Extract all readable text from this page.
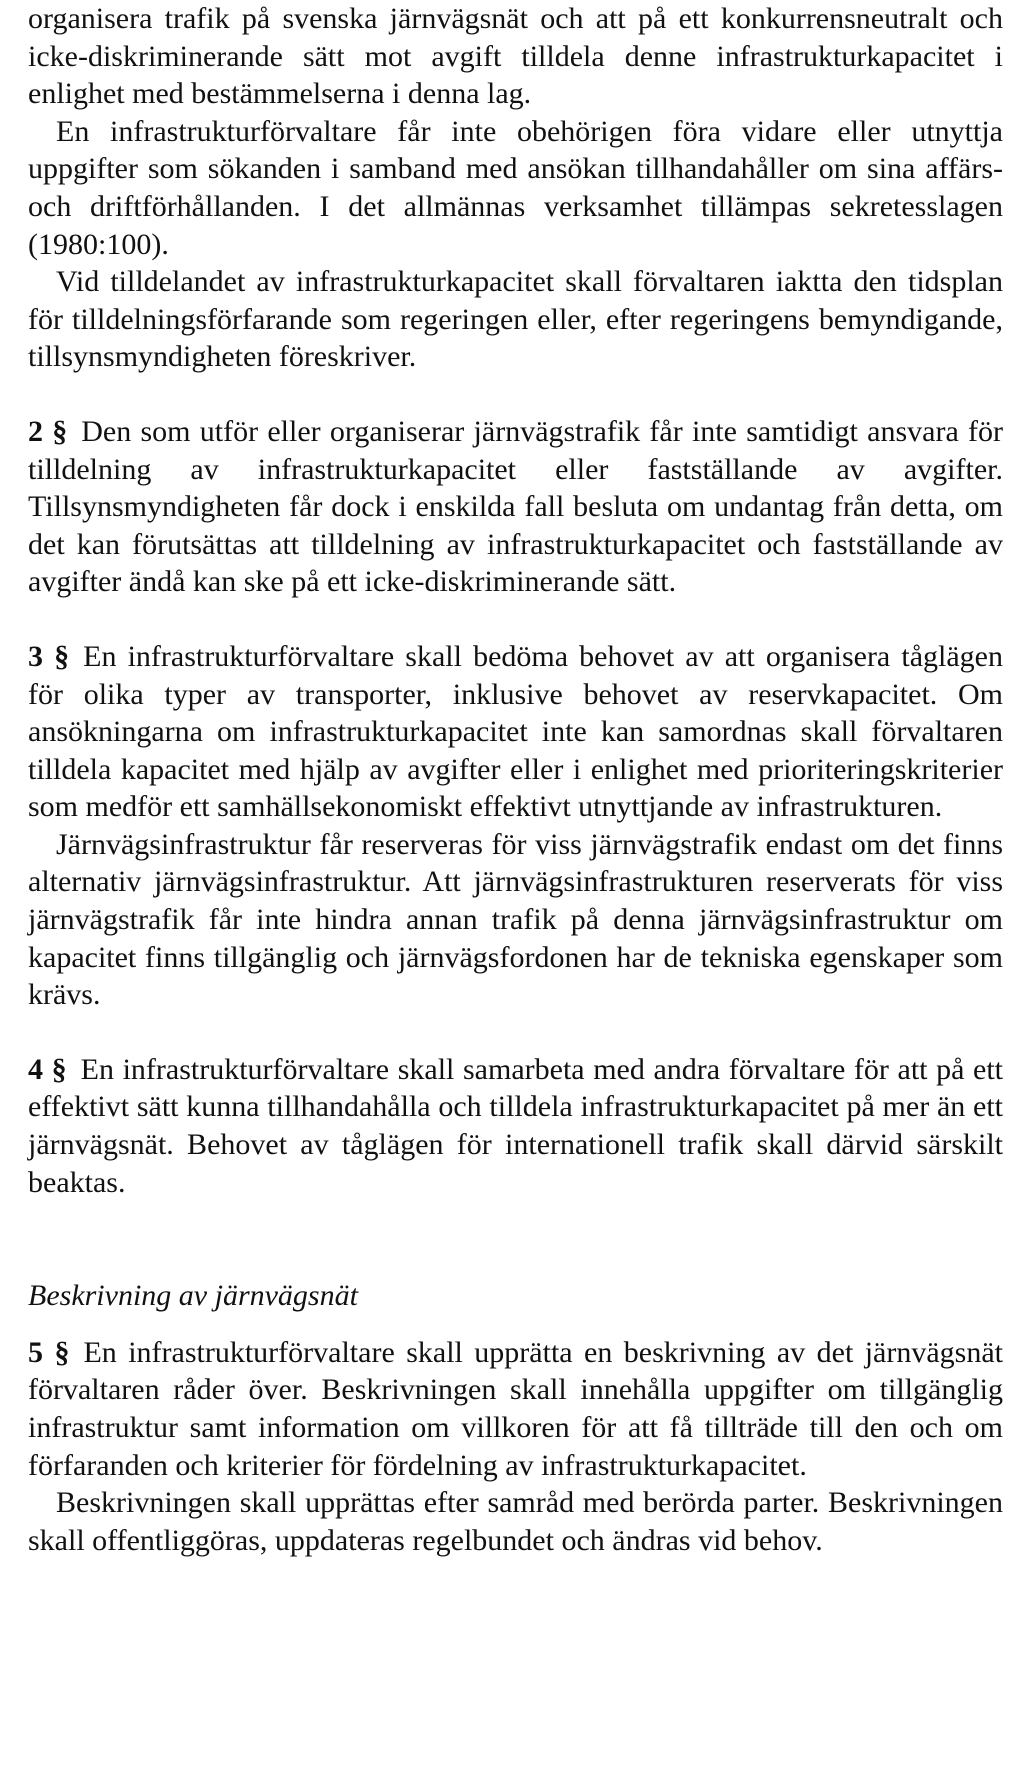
organisera trafik på svenska järnvägsnät och att på ett konkurrensneutralt och icke-diskriminerande sätt mot avgift tilldela denne infrastrukturkapacitet i enlighet med bestämmelserna i denna lag.

En infrastrukturförvaltare får inte obehörigen föra vidare eller utnyttja uppgifter som sökanden i samband med ansökan tillhandahåller om sina affärs- och driftförhållanden. I det allmännas verksamhet tillämpas sekretesslagen (1980:100).

Vid tilldelandet av infrastrukturkapacitet skall förvaltaren iaktta den tidsplan för tilldelningsförfarande som regeringen eller, efter regeringens bemyndigande, tillsynsmyndigheten föreskriver.

2 § Den som utför eller organiserar järnvägstrafik får inte samtidigt ansvara för tilldelning av infrastrukturkapacitet eller fastställande av avgifter. Tillsynsmyndigheten får dock i enskilda fall besluta om undantag från detta, om det kan förutsättas att tilldelning av infrastrukturkapacitet och fastställande av avgifter ändå kan ske på ett icke-diskriminerande sätt.

3 § En infrastrukturförvaltare skall bedöma behovet av att organisera tåglägen för olika typer av transporter, inklusive behovet av reservkapacitet. Om ansökningarna om infrastrukturkapacitet inte kan samordnas skall förvaltaren tilldela kapacitet med hjälp av avgifter eller i enlighet med prioriteringskriterier som medför ett samhällsekonomiskt effektivt utnyttjande av infrastrukturen.

Järnvägsinfrastruktur får reserveras för viss järnvägstrafik endast om det finns alternativ järnvägsinfrastruktur. Att järnvägsinfrastrukturen reserverats för viss järnvägstrafik får inte hindra annan trafik på denna järnvägsinfrastruktur om kapacitet finns tillgänglig och järnvägsfordonen har de tekniska egenskaper som krävs.

4 § En infrastrukturförvaltare skall samarbeta med andra förvaltare för att på ett effektivt sätt kunna tillhandahålla och tilldela infrastrukturkapacitet på mer än ett järnvägsnät. Behovet av tåglägen för internationell trafik skall därvid särskilt beaktas.

Beskrivning av järnvägsnät

5 § En infrastrukturförvaltare skall upprätta en beskrivning av det järnvägsnät förvaltaren råder över. Beskrivningen skall innehålla uppgifter om tillgänglig infrastruktur samt information om villkoren för att få tillträde till den och om förfaranden och kriterier för fördelning av infrastrukturkapacitet.

Beskrivningen skall upprättas efter samråd med berörda parter. Beskrivningen skall offentliggöras, uppdateras regelbundet och ändras vid behov.
